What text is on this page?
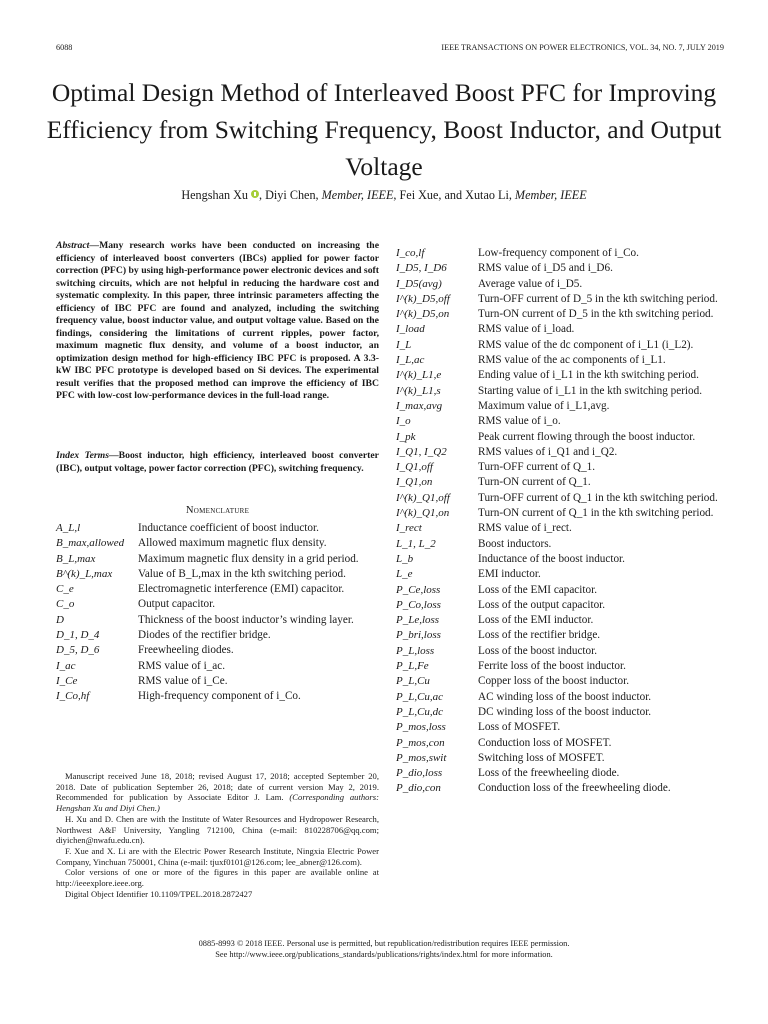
6088	IEEE TRANSACTIONS ON POWER ELECTRONICS, VOL. 34, NO. 7, JULY 2019
Optimal Design Method of Interleaved Boost PFC for Improving Efficiency from Switching Frequency, Boost Inductor, and Output Voltage
Hengshan Xu , Diyi Chen, Member, IEEE, Fei Xue, and Xutao Li, Member, IEEE
Abstract—Many research works have been conducted on increasing the efficiency of interleaved boost converters (IBCs) applied for power factor correction (PFC) by using high-performance power electronic devices and soft switching circuits, which are not helpful in reducing the hardware cost and systematic complexity. In this paper, three intrinsic parameters affecting the efficiency of IBC PFC are found and analyzed, including the switching frequency value, boost inductor value, and output voltage value. Based on the findings, considering the limitations of current ripples, power factor, maximum magnetic flux density, and volume of a boost inductor, an optimization design method for high-efficiency IBC PFC is proposed. A 3.3-kW IBC PFC prototype is developed based on Si devices. The experimental result verifies that the proposed method can improve the efficiency of IBC PFC with low-cost low-performance devices in the full-load range.
Index Terms—Boost inductor, high efficiency, interleaved boost converter (IBC), output voltage, power factor correction (PFC), switching frequency.
Nomenclature
A_L,l	Inductance coefficient of boost inductor.
B_max,allowed	Allowed maximum magnetic flux density.
B_L,max	Maximum magnetic flux density in a grid period.
B^(k)_L,max	Value of B_L,max in the kth switching period.
C_e	Electromagnetic interference (EMI) capacitor.
C_o	Output capacitor.
D	Thickness of the boost inductor’s winding layer.
D_1, D_4	Diodes of the rectifier bridge.
D_5, D_6	Freewheeling diodes.
I_ac	RMS value of i_ac.
I_Ce	RMS value of i_Ce.
I_Co,hf	High-frequency component of i_Co.
I_co,lf	Low-frequency component of i_Co.
I_D5, I_D6	RMS value of i_D5 and i_D6.
I_D5(avg)	Average value of i_D5.
I^(k)_D5,off	Turn-OFF current of D_5 in the kth switching period.
I^(k)_D5,on	Turn-ON current of D_5 in the kth switching period.
I_load	RMS value of i_load.
I_L	RMS value of the dc component of i_L1 (i_L2).
I_L,ac	RMS value of the ac components of i_L1.
I^(k)_L1,e	Ending value of i_L1 in the kth switching period.
I^(k)_L1,s	Starting value of i_L1 in the kth switching period.
I_max,avg	Maximum value of i_L1,avg.
I_o	RMS value of i_o.
I_pk	Peak current flowing through the boost inductor.
I_Q1, I_Q2	RMS values of i_Q1 and i_Q2.
I_Q1,off	Turn-OFF current of Q_1.
I_Q1,on	Turn-ON current of Q_1.
I^(k)_Q1,off	Turn-OFF current of Q_1 in the kth switching period.
I^(k)_Q1,on	Turn-ON current of Q_1 in the kth switching period.
I_rect	RMS value of i_rect.
L_1, L_2	Boost inductors.
L_b	Inductance of the boost inductor.
L_e	EMI inductor.
P_Ce,loss	Loss of the EMI capacitor.
P_Co,loss	Loss of the output capacitor.
P_Le,loss	Loss of the EMI inductor.
P_bri,loss	Loss of the rectifier bridge.
P_L,loss	Loss of the boost inductor.
P_L,Fe	Ferrite loss of the boost inductor.
P_L,Cu	Copper loss of the boost inductor.
P_L,Cu,ac	AC winding loss of the boost inductor.
P_L,Cu,dc	DC winding loss of the boost inductor.
P_mos,loss	Loss of MOSFET.
P_mos,con	Conduction loss of MOSFET.
P_mos,swit	Switching loss of MOSFET.
P_dio,loss	Loss of the freewheeling diode.
P_dio,con	Conduction loss of the freewheeling diode.

Manuscript received June 18, 2018; revised August 17, 2018; accepted September 20, 2018. Date of publication September 26, 2018; date of current version May 2, 2019. Recommended for publication by Associate Editor J. Lam. (Corresponding authors: Hengshan Xu and Diyi Chen.)

H. Xu and D. Chen are with the Institute of Water Resources and Hydropower Research, Northwest A&F University, Yangling 712100, China (e-mail: 810228706@qq.com; diyichen@nwafu.edu.cn).

F. Xue and X. Li are with the Electric Power Research Institute, Ningxia Electric Power Company, Yinchuan 750001, China (e-mail: tjuxf0101@126.com; lee_abner@126.com).

Color versions of one or more of the figures in this paper are available online at http://ieeexplore.ieee.org.

Digital Object Identifier 10.1109/TPEL.2018.2872427

0885-8993 © 2018 IEEE. Personal use is permitted, but republication/redistribution requires IEEE permission.
See http://www.ieee.org/publications_standards/publications/rights/index.html for more information.
